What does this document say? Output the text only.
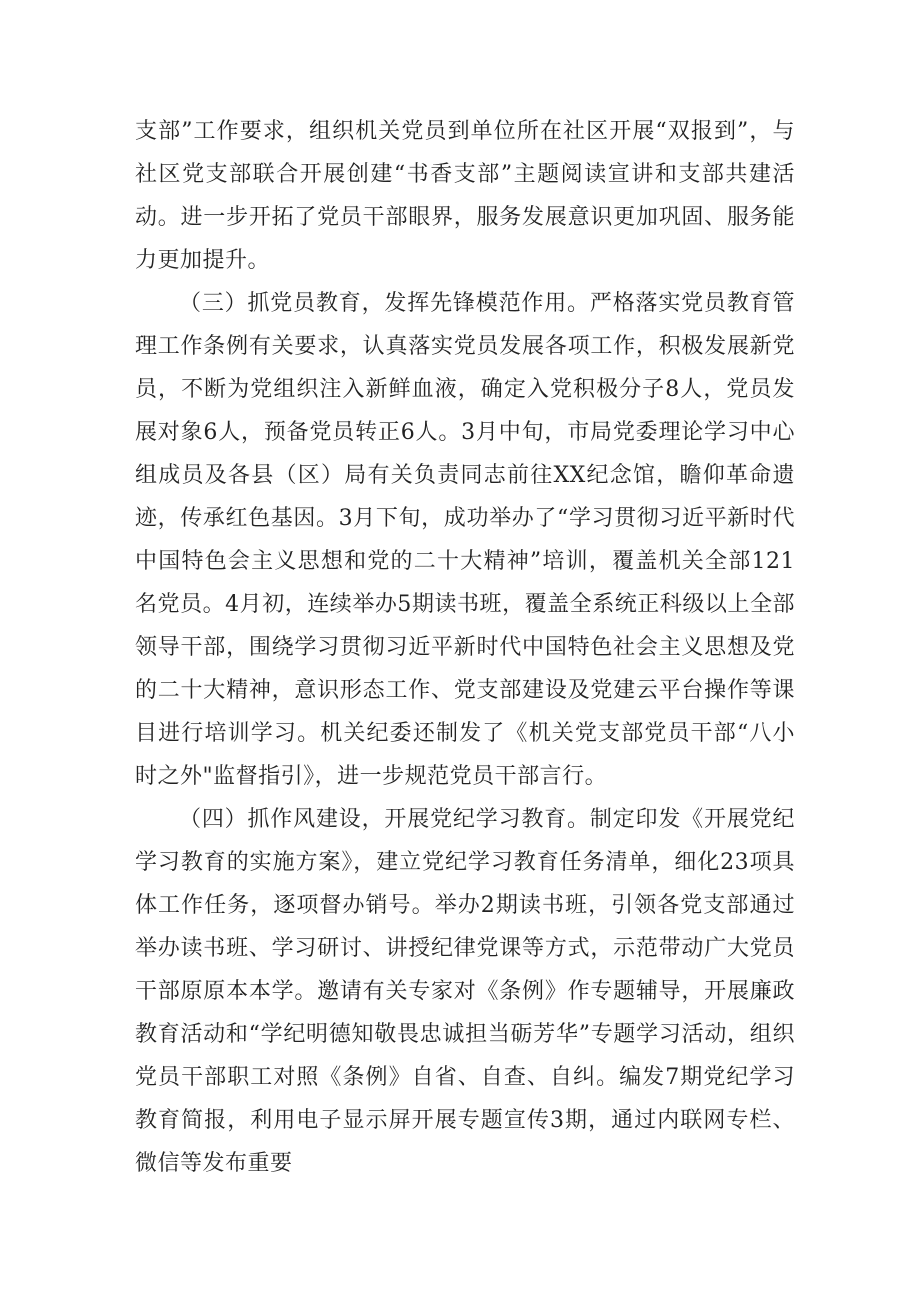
支部”工作要求，组织机关党员到单位所在社区开展“双报到”，与社区党支部联合开展创建“书香支部”主题阅读宣讲和支部共建活动。进一步开拓了党员干部眼界，服务发展意识更加巩固、服务能力更加提升。

（三）抓党员教育，发挥先锋模范作用。严格落实党员教育管理工作条例有关要求，认真落实党员发展各项工作，积极发展新党员，不断为党组织注入新鲜血液，确定入党积极分子8人，党员发展对象6人，预备党员转正6人。3月中旬，市局党委理论学习中心组成员及各县（区）局有关负责同志前往XX纪念馆，瞻仰革命遗迹，传承红色基因。3月下旬，成功举办了“学习贯彻习近平新时代中国特色会主义思想和党的二十大精神”培训，覆盖机关全部121名党员。4月初，连续举办5期读书班，覆盖全系统正科级以上全部领导干部，围绕学习贯彻习近平新时代中国特色社会主义思想及党的二十大精神，意识形态工作、党支部建设及党建云平台操作等课目进行培训学习。机关纪委还制发了《机关党支部党员干部“八小时之外"监督指引》，进一步规范党员干部言行。

（四）抓作风建设，开展党纪学习教育。制定印发《开展党纪学习教育的实施方案》，建立党纪学习教育任务清单，细化23项具体工作任务，逐项督办销号。举办2期读书班，引领各党支部通过举办读书班、学习研讨、讲授纪律党课等方式，示范带动广大党员干部原原本本学。邀请有关专家对《条例》作专题辅导，开展廉政教育活动和“学纪明德知敬畏忠诚担当砺芳华”专题学习活动，组织党员干部职工对照《条例》自省、自查、自纠。编发7期党纪学习教育简报，利用电子显示屏开展专题宣传3期，通过内联网专栏、微信等发布重要
